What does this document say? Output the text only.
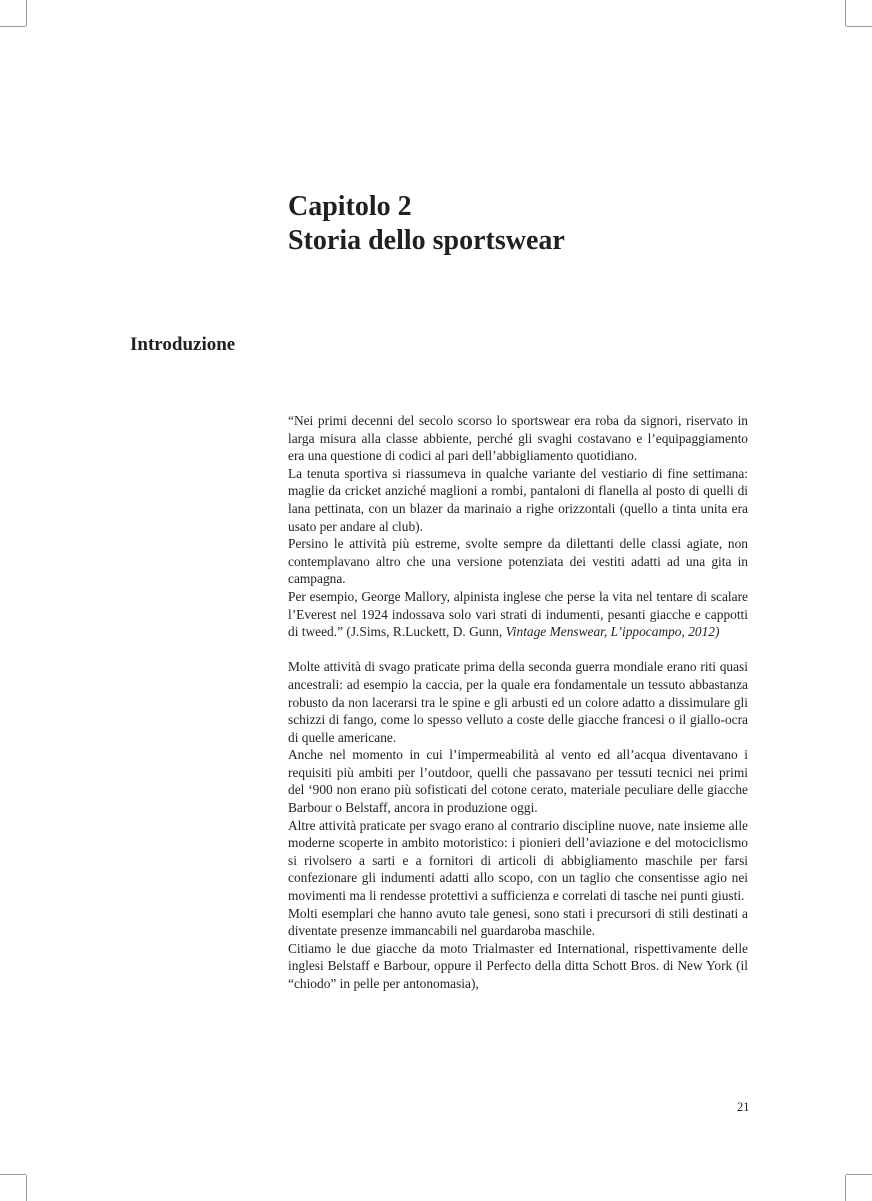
Capitolo 2
Storia dello sportswear
Introduzione

“Nei primi decenni del secolo scorso lo sportswear era roba da signori, riservato in larga misura alla classe abbiente, perché gli svaghi costavano e l’equipaggiamento era una questione di codici al pari dell’abbigliamento quotidiano.

La tenuta sportiva si riassumeva in qualche variante del vestiario di fine settimana: maglie da cricket anziché maglioni a rombi, pantaloni di flanella al posto di quelli di lana pettinata, con un blazer da marinaio a righe orizzontali (quello a tinta unita era usato per andare al club).

Persino le attività più estreme, svolte sempre da dilettanti delle classi agiate, non contemplavano altro che una versione potenziata dei vestiti adatti ad una gita in campagna.

Per esempio, George Mallory, alpinista inglese che perse la vita nel tentare di scalare l’Everest nel 1924 indossava solo vari strati di indumenti, pesanti giacche e cappotti di tweed.” (J.Sims, R.Luckett, D. Gunn, Vintage Menswear, L’ippocampo, 2012)

Molte attività di svago praticate prima della seconda guerra mondiale erano riti quasi ancestrali: ad esempio la caccia, per la quale era fondamentale un tessuto abbastanza robusto da non lacerarsi tra le spine e gli arbusti ed un colore adatto a dissimulare gli schizzi di fango, come lo spesso velluto a coste delle giacche francesi o il giallo-ocra di quelle americane.

Anche nel momento in cui l’impermeabilità al vento ed all’acqua diventavano i requisiti più ambiti per l’outdoor, quelli che passavano per tessuti tecnici nei primi del ‘900 non erano più sofisticati del cotone cerato, materiale peculiare delle giacche Barbour o Belstaff, ancora in produzione oggi.

Altre attività praticate per svago erano al contrario discipline nuove, nate insieme alle moderne scoperte in ambito motoristico: i pionieri dell’aviazione e del motociclismo si rivolsero a sarti e a fornitori di articoli di abbigliamento maschile per farsi confezionare gli indumenti adatti allo scopo, con un taglio che consentisse agio nei movimenti ma li rendesse protettivi a sufficienza e correlati di tasche nei punti giusti.

Molti esemplari che hanno avuto tale genesi, sono stati i precursori di stili destinati a diventate presenze immancabili nel guardaroba maschile.

Citiamo le due giacche da moto Trialmaster ed International, rispettivamente delle inglesi Belstaff e Barbour, oppure il Perfecto della ditta Schott Bros. di New York (il “chiodo” in pelle per antonomasia),

21
